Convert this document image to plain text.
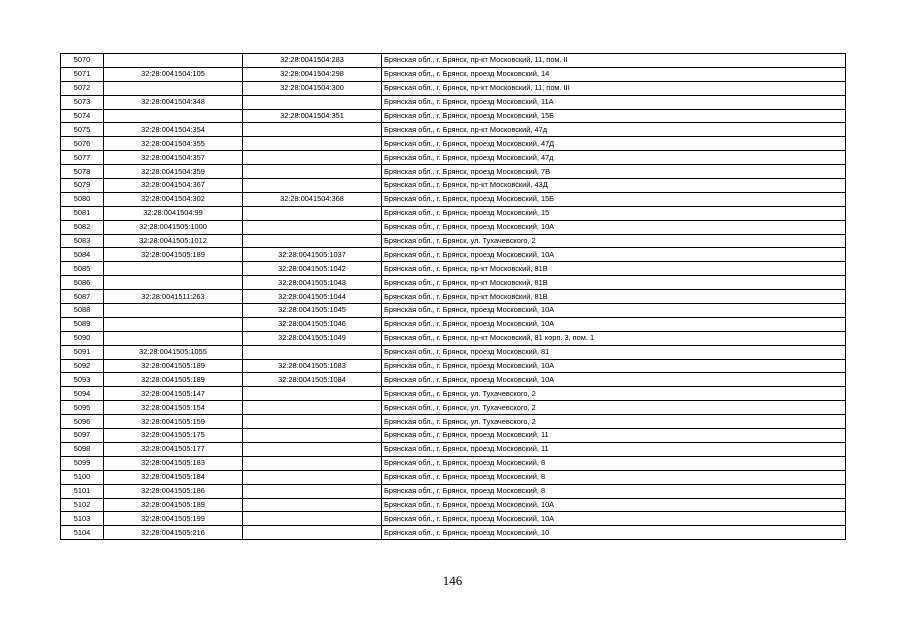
5070		32:28:0041504:283	Брянская обл., г. Брянск, пр-кт Московский, 11, пом. II
5071	32:28:0041504:105	32:28:0041504:298	Брянская обл., г. Брянск, проезд Московский, 14
5072		32:28:0041504:300	Брянская обл., г. Брянск, пр-кт Московский, 11, пом. III
5073	32:28:0041504:348		Брянская обл., г. Брянск, проезд Московский, 11А
5074		32:28:0041504:351	Брянская обл., г. Брянск, проезд Московский, 15Б
5075	32:28:0041504:354		Брянская обл., г. Брянск, пр-кт Московский, 47д
5076	32:28:0041504:355		Брянская обл., г. Брянск, проезд Московский, 47Д
5077	32:28:0041504:357		Брянская обл., г. Брянск, проезд Московский, 47д
5078	32:28:0041504:359		Брянская обл., г. Брянск, проезд Московский, 7В
5079	32:28:0041504:367		Брянская обл., г. Брянск, пр-кт Московский, 43Д
5080	32:28:0041504:302	32:28:0041504:368	Брянская обл., г. Брянск, проезд Московский, 15Б
5081	32:28:0041504:99		Брянская обл., г. Брянск, проезд Московский, 15
5082	32:28:0041505:1000		Брянская обл., г. Брянск, проезд Московский, 10А
5083	32:28:0041505:1012		Брянская обл., г. Брянск, ул. Тухачевского, 2
5084	32:28:0041505:189	32:28:0041505:1037	Брянская обл., г. Брянск, проезд Московский, 10А
5085		32:28:0041505:1042	Брянская обл., г. Брянск, пр-кт Московский, 81В
5086		32:28:0041505:1043	Брянская обл., г. Брянск, пр-кт Московский, 81В
5087	32:28:0041511:263	32:28:0041505:1044	Брянская обл., г. Брянск, пр-кт Московский, 81В
5088		32:28:0041505:1045	Брянская обл., г. Брянск, проезд Московский, 10А
5089		32:28:0041505:1046	Брянская обл., г. Брянск, проезд Московский, 10А
5090		32:28:0041505:1049	Брянская обл., г. Брянск, пр-кт Московский, 81 корп. 3, пом. 1
5091	32:28:0041505:1055		Брянская обл., г. Брянск, проезд Московский, 81
5092	32:28:0041505:189	32:28:0041505:1083	Брянская обл., г. Брянск, проезд Московский, 10А
5093	32:28:0041505:189	32:28:0041505:1084	Брянская обл., г. Брянск, проезд Московский, 10А
5094	32:28:0041505:147		Брянская обл., г. Брянск, ул. Тухачевского, 2
5095	32:28:0041505:154		Брянская обл., г. Брянск, ул. Тухачевского, 2
5096	32:28:0041505:159		Брянская обл., г. Брянск, ул. Тухачевского, 2
5097	32:28:0041505:175		Брянская обл., г. Брянск, проезд Московский, 11
5098	32:28:0041505:177		Брянская обл., г. Брянск, проезд Московский, 11
5099	32:28:0041505:183		Брянская обл., г. Брянск, проезд Московский, 8
5100	32:28:0041505:184		Брянская обл., г. Брянск, проезд Московский, 8
5101	32:28:0041505:186		Брянская обл., г. Брянск, проезд Московский, 8
5102	32:28:0041505:189		Брянская обл., г. Брянск, проезд Московский, 10А
5103	32:28:0041505:199		Брянская обл., г. Брянск, проезд Московский, 10А
5104	32:28:0041505:216		Брянская обл., г. Брянск, проезд Московский, 10
146
